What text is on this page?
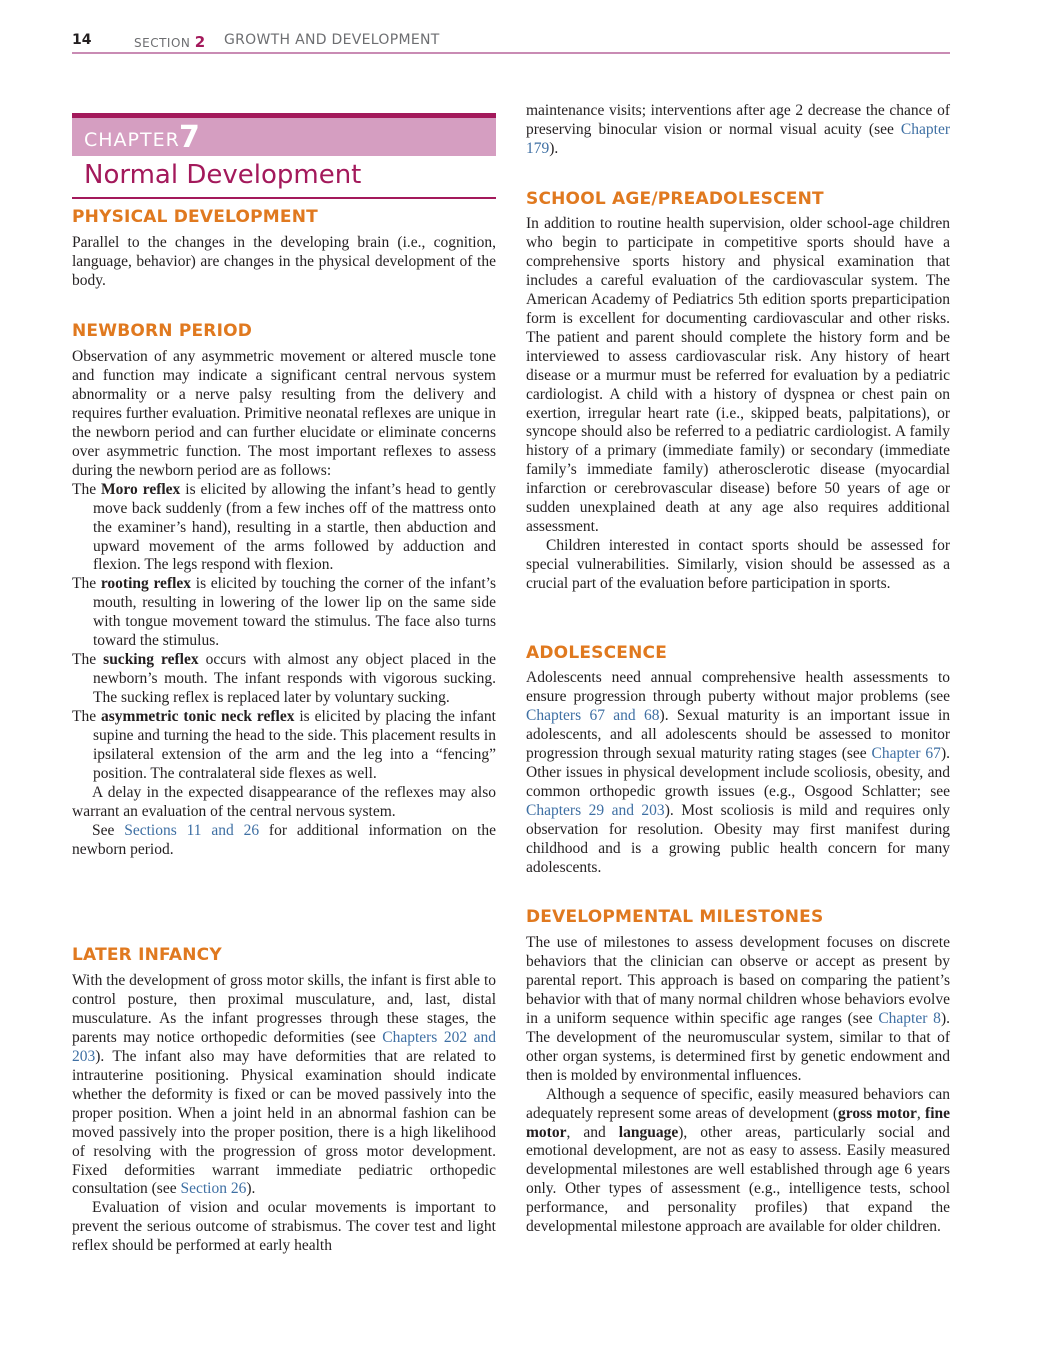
14	SECTION 2 GROWTH AND DEVELOPMENT
CHAPTER 7
Normal Development
PHYSICAL DEVELOPMENT

Parallel to the changes in the developing brain (i.e., cognition, language, behavior) are changes in the physical development of the body.

NEWBORN PERIOD
Observation of any asymmetric movement or altered muscle tone and function may indicate a significant central nervous system abnormality or a nerve palsy resulting from the delivery and requires further evaluation. Primitive neonatal reflexes are unique in the newborn period and can further elucidate or eliminate concerns over asymmetric function. The most important reflexes to assess during the newborn period are as follows:
The Moro reflex is elicited by allowing the infant’s head to gently move back suddenly (from a few inches off of the mattress onto the examiner’s hand), resulting in a startle, then abduction and upward movement of the arms followed by adduction and flexion. The legs respond with flexion.
The rooting reflex is elicited by touching the corner of the infant’s mouth, resulting in lowering of the lower lip on the same side with tongue movement toward the stimulus. The face also turns toward the stimulus.
The sucking reflex occurs with almost any object placed in the newborn’s mouth. The infant responds with vigorous sucking. The sucking reflex is replaced later by voluntary sucking.
The asymmetric tonic neck reflex is elicited by placing the infant supine and turning the head to the side. This placement results in ipsilateral extension of the arm and the leg into a “fencing” position. The contralateral side flexes as well.
A delay in the expected disappearance of the reflexes may also warrant an evaluation of the central nervous system.
See Sections 11 and 26 for additional information on the newborn period.
LATER INFANCY
With the development of gross motor skills, the infant is first able to control posture, then proximal musculature, and, last, distal musculature. As the infant progresses through these stages, the parents may notice orthopedic deformities (see Chapters 202 and 203). The infant also may have deformities that are related to intrauterine positioning. Physical examination should indicate whether the deformity is fixed or can be moved passively into the proper position. When a joint held in an abnormal fashion can be moved passively into the proper position, there is a high likelihood of resolving with the progression of gross motor development. Fixed deformities warrant immediate pediatric orthopedic consultation (see Section 26).
Evaluation of vision and ocular movements is important to prevent the serious outcome of strabismus. The cover test and light reflex should be performed at early health
maintenance visits; interventions after age 2 decrease the chance of preserving binocular vision or normal visual acuity (see Chapter 179).
SCHOOL AGE/PREADOLESCENT
In addition to routine health supervision, older school-age children who begin to participate in competitive sports should have a comprehensive sports history and physical examination that includes a careful evaluation of the cardiovascular system. The American Academy of Pediatrics 5th edition sports preparticipation form is excellent for documenting cardiovascular and other risks. The patient and parent should complete the history form and be interviewed to assess cardiovascular risk. Any history of heart disease or a murmur must be referred for evaluation by a pediatric cardiologist. A child with a history of dyspnea or chest pain on exertion, irregular heart rate (i.e., skipped beats, palpitations), or syncope should also be referred to a pediatric cardiologist. A family history of a primary (immediate family) or secondary (immediate family’s immediate family) atherosclerotic disease (myocardial infarction or cerebrovascular disease) before 50 years of age or sudden unexplained death at any age also requires additional assessment.
Children interested in contact sports should be assessed for special vulnerabilities. Similarly, vision should be assessed as a crucial part of the evaluation before participation in sports.
ADOLESCENCE
Adolescents need annual comprehensive health assessments to ensure progression through puberty without major problems (see Chapters 67 and 68). Sexual maturity is an important issue in adolescents, and all adolescents should be assessed to monitor progression through sexual maturity rating stages (see Chapter 67). Other issues in physical development include scoliosis, obesity, and common orthopedic growth issues (e.g., Osgood Schlatter; see Chapters 29 and 203). Most scoliosis is mild and requires only observation for resolution. Obesity may first manifest during childhood and is a growing public health concern for many adolescents.
DEVELOPMENTAL MILESTONES
The use of milestones to assess development focuses on discrete behaviors that the clinician can observe or accept as present by parental report. This approach is based on comparing the patient’s behavior with that of many normal children whose behaviors evolve in a uniform sequence within specific age ranges (see Chapter 8). The development of the neuromuscular system, similar to that of other organ systems, is determined first by genetic endowment and then is molded by environmental influences.
Although a sequence of specific, easily measured behaviors can adequately represent some areas of development (gross motor, fine motor, and language), other areas, particularly social and emotional development, are not as easy to assess. Easily measured developmental milestones are well established through age 6 years only. Other types of assessment (e.g., intelligence tests, school performance, and personality profiles) that expand the developmental milestone approach are available for older children.
